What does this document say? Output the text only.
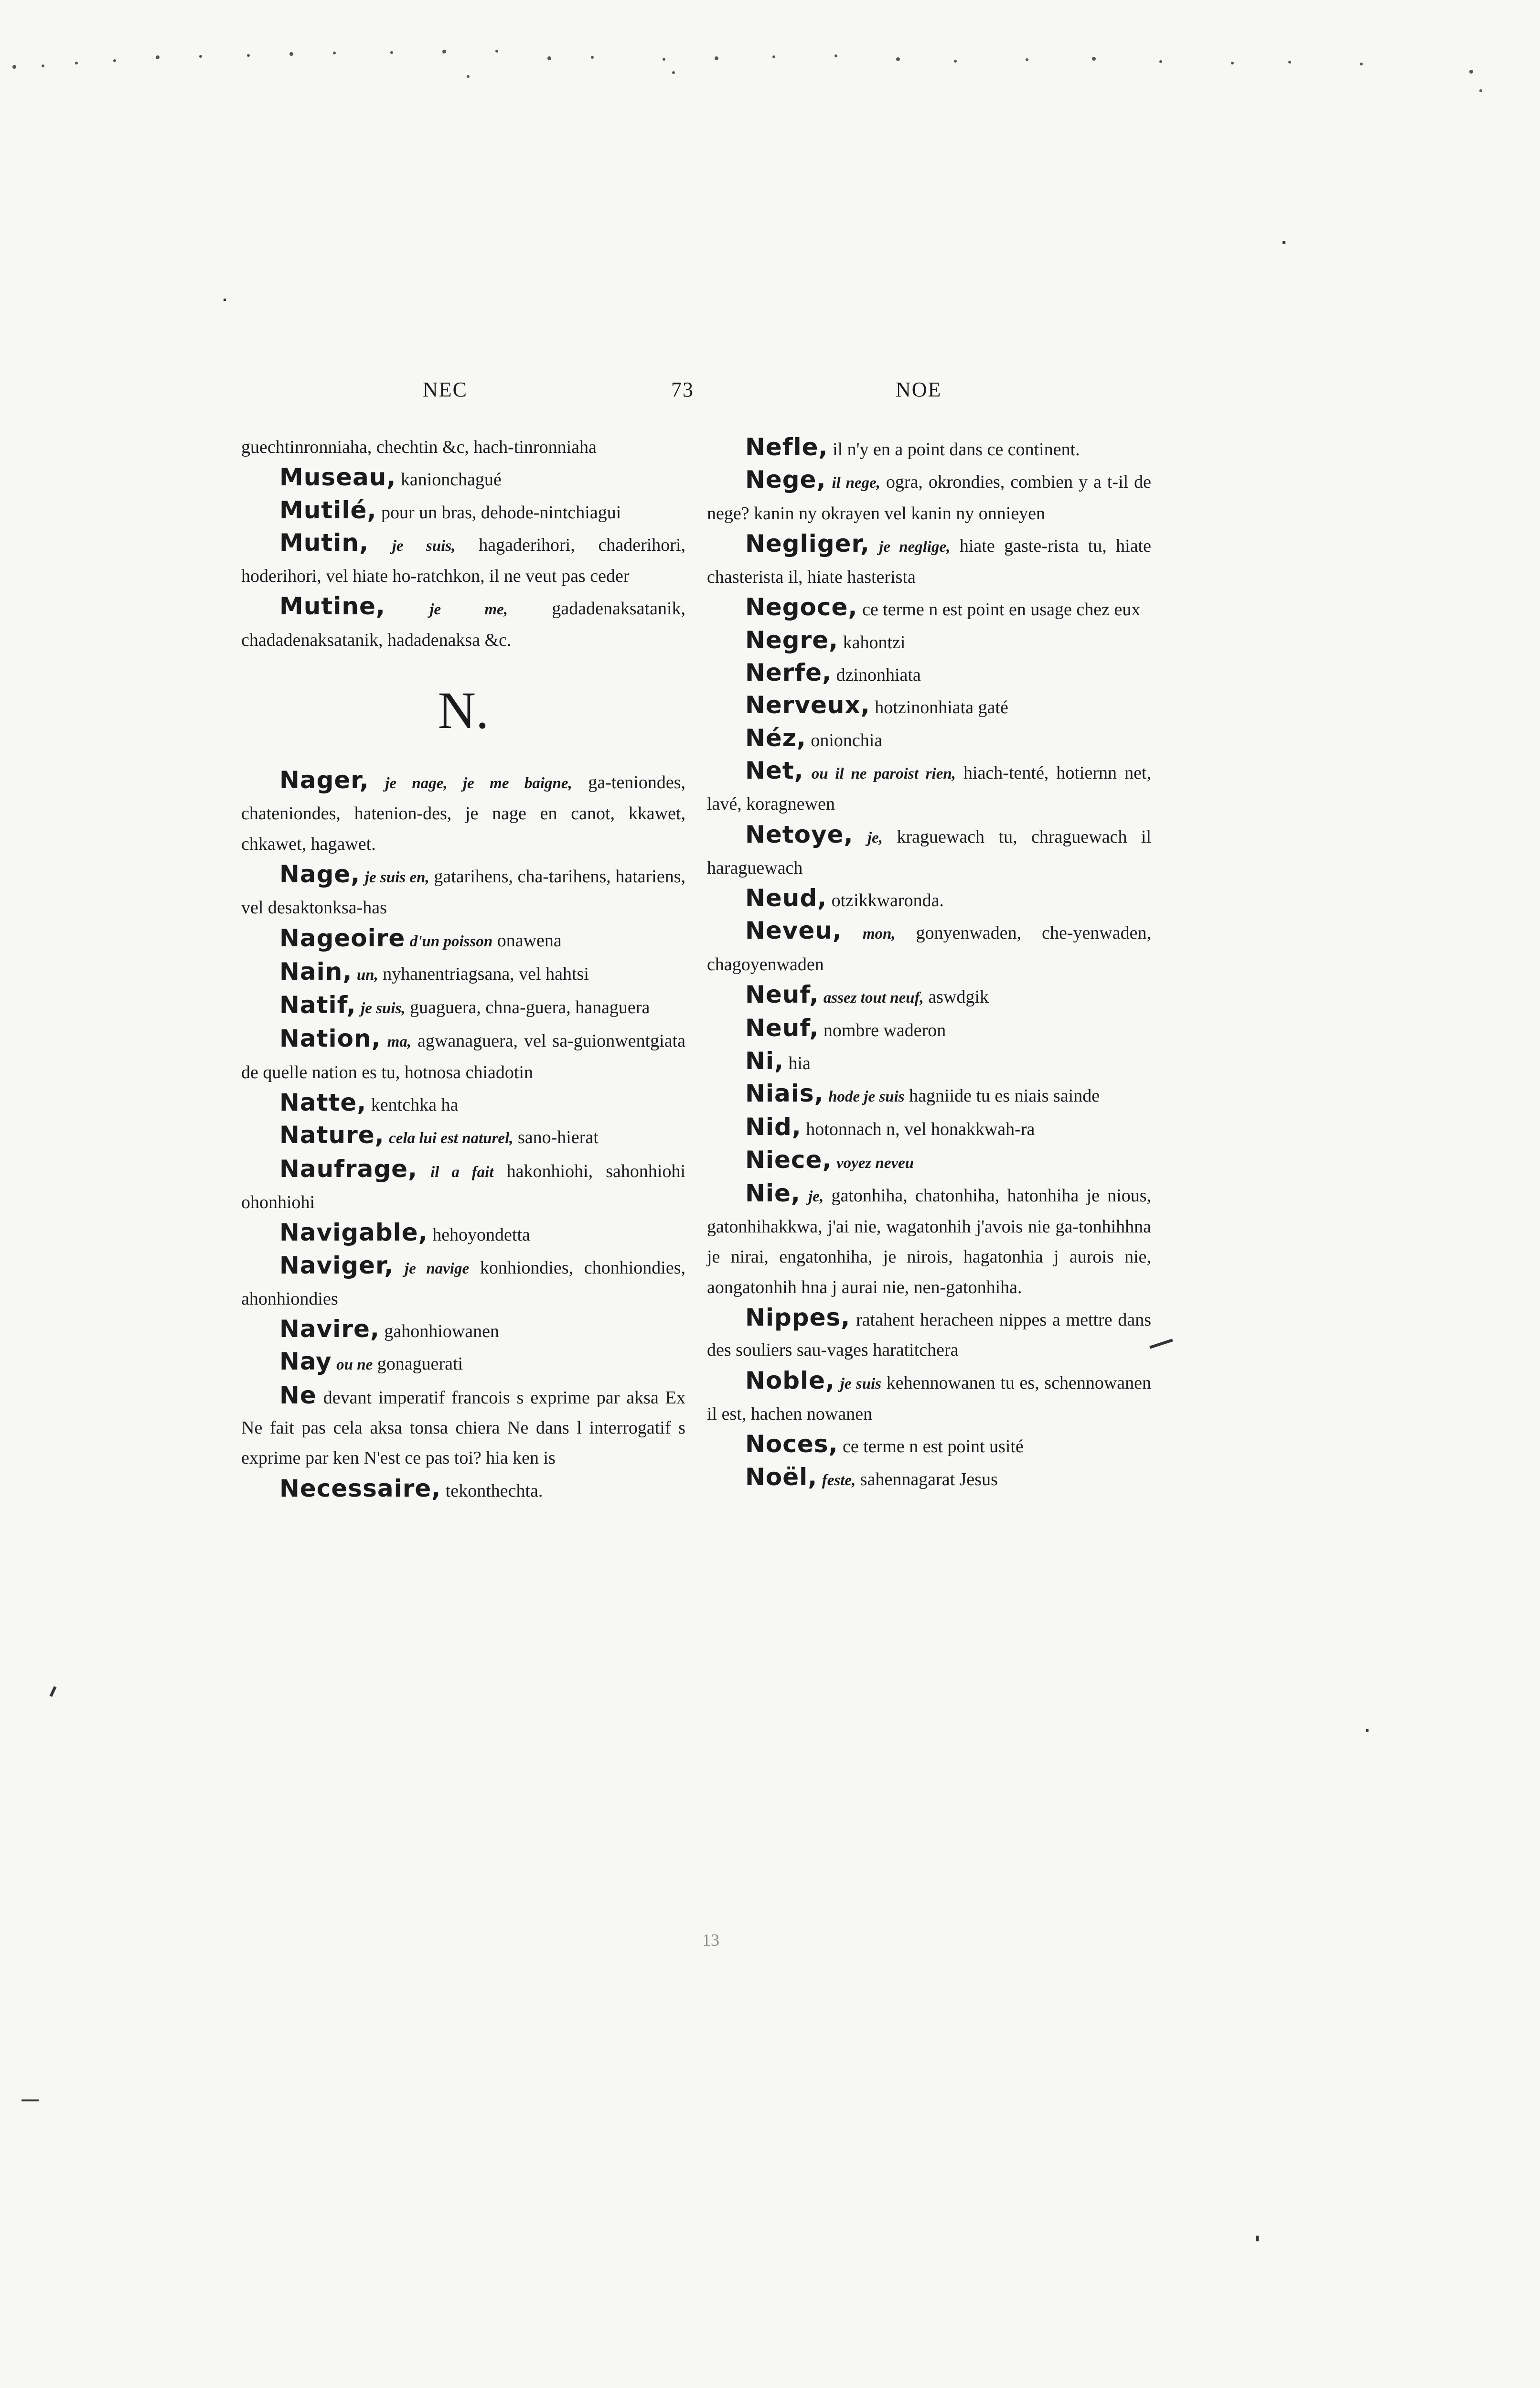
NEC	73	NOE

guechtinronniaha, chechtin &c, hach-tinronniaha

Museau, kanionchagué

Mutilé, pour un bras, dehode-nintchiagui

Mutin, je suis, hagaderihori, chaderihori, hoderihori, vel hiate ho-ratchkon, il ne veut pas ceder

Mutine,	je me, gadadenaksatanik, chadadenaksatanik, hadadenaksa &c.

N.

Nager, je nage, je me baigne, ga-teniondes, chateniondes, hatenion-des, je nage en canot, kkawet, chkawet, hagawet.

Nage, je suis en, gatarihens, cha-tarihens, hatariens, vel desaktonksa-has

Nageoire d'un poisson onawena

Nain, un, nyhanentriagsana, vel hahtsi

Natif, je suis, guaguera, chna-guera, hanaguera

Nation, ma, agwanaguera, vel sa-guionwentgiata de quelle nation es tu, hotnosa chiadotin

Natte, kentchka ha

Nature, cela lui est naturel, sano-hierat

Naufrage, il a fait hakonhiohi, sahonhiohi ohonhiohi

Navigable, hehoyondetta

Naviger, je navige konhiondies, chonhiondies, ahonhiondies

Navire, gahonhiowanen

Nay ou ne gonaguerati

Ne devant imperatif francois s exprime par aksa Ex Ne fait pas cela aksa tonsa chiera Ne dans l interrogatif s exprime par ken N'est ce pas toi? hia ken is

Necessaire, tekonthechta.

Nefle, il n'y en a point dans ce continent.

Nege, il nege, ogra, okrondies, combien y a t-il de nege? kanin ny okrayen vel kanin ny onnieyen

Negliger, je neglige, hiate gaste-rista tu, hiate chasterista il, hiate hasterista

Negoce, ce terme n est point en usage chez eux

Negre, kahontzi

Nerfe, dzinonhiata

Nerveux, hotzinonhiata gaté

Néz, onionchia

Net, ou il ne paroist rien, hiach-tenté, hotiernn net, lavé, koragnewen

Netoye, je, kraguewach tu, chraguewach il haraguewach

Neud, otzikkwaronda.

Neveu, mon, gonyenwaden, che-yenwaden, chagoyenwaden

Neuf, assez tout neuf, aswdgik

Neuf, nombre waderon

Ni, hia

Niais, hode je suis hagniide tu es niais sainde

Nid, hotonnach n, vel honakkwah-ra

Niece, voyez neveu

Nie, je, gatonhiha, chatonhiha, hatonhiha je nious, gatonhihakkwa, j'ai nie, wagatonhih j'avois nie ga-tonhihhna je nirai, engatonhiha, je nirois, hagatonhia j aurois nie, aongatonhih hna j aurai nie, nen-gatonhiha.

Nippes, ratahent heracheen nippes a mettre dans des souliers sau-vages haratitchera

Noble, je suis kehennowanen tu es, schennowanen il est, hachen nowanen

Noces, ce terme n est point usité

Noël, feste, sahennagarat Jesus

13
